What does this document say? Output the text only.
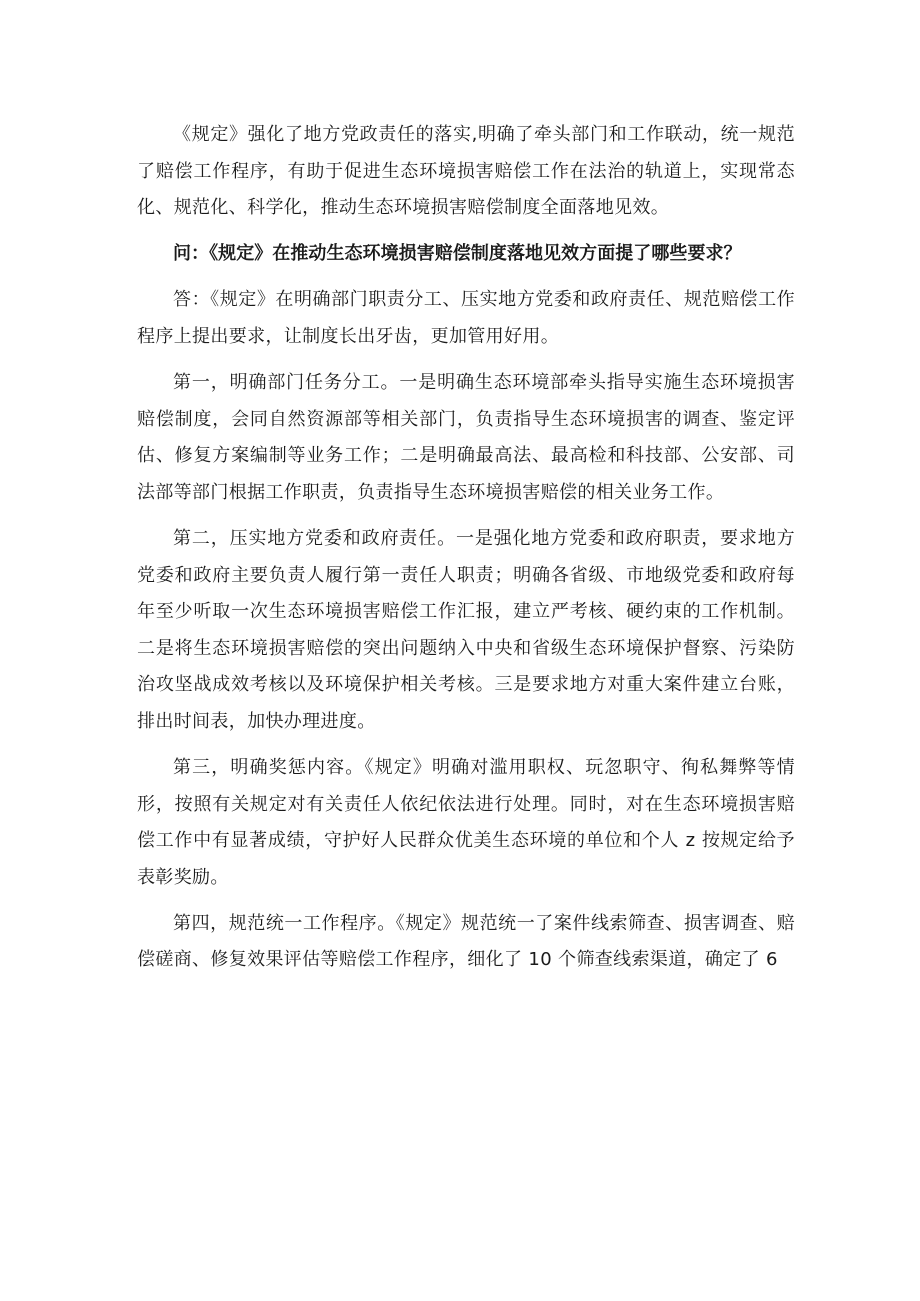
《规定》强化了地方党政责任的落实,明确了牵头部门和工作联动，统一规范了赔偿工作程序，有助于促进生态环境损害赔偿工作在法治的轨道上，实现常态化、规范化、科学化，推动生态环境损害赔偿制度全面落地见效。

问：《规定》在推动生态环境损害赔偿制度落地见效方面提了哪些要求？

答：《规定》在明确部门职责分工、压实地方党委和政府责任、规范赔偿工作程序上提出要求，让制度长出牙齿，更加管用好用。

第一，明确部门任务分工。一是明确生态环境部牵头指导实施生态环境损害赔偿制度，会同自然资源部等相关部门，负责指导生态环境损害的调查、鉴定评估、修复方案编制等业务工作；二是明确最高法、最高检和科技部、公安部、司法部等部门根据工作职责，负责指导生态环境损害赔偿的相关业务工作。

第二，压实地方党委和政府责任。一是强化地方党委和政府职责，要求地方党委和政府主要负责人履行第一责任人职责；明确各省级、市地级党委和政府每年至少听取一次生态环境损害赔偿工作汇报，建立严考核、硬约束的工作机制。二是将生态环境损害赔偿的突出问题纳入中央和省级生态环境保护督察、污染防治攻坚战成效考核以及环境保护相关考核。三是要求地方对重大案件建立台账，排出时间表，加快办理进度。

第三，明确奖惩内容。《规定》明确对滥用职权、玩忽职守、徇私舞弊等情形，按照有关规定对有关责任人依纪依法进行处理。同时，对在生态环境损害赔偿工作中有显著成绩，守护好人民群众优美生态环境的单位和个人 z 按规定给予表彰奖励。

第四，规范统一工作程序。《规定》规范统一了案件线索筛查、损害调查、赔偿磋商、修复效果评估等赔偿工作程序，细化了 10 个筛查线索渠道，确定了 6
